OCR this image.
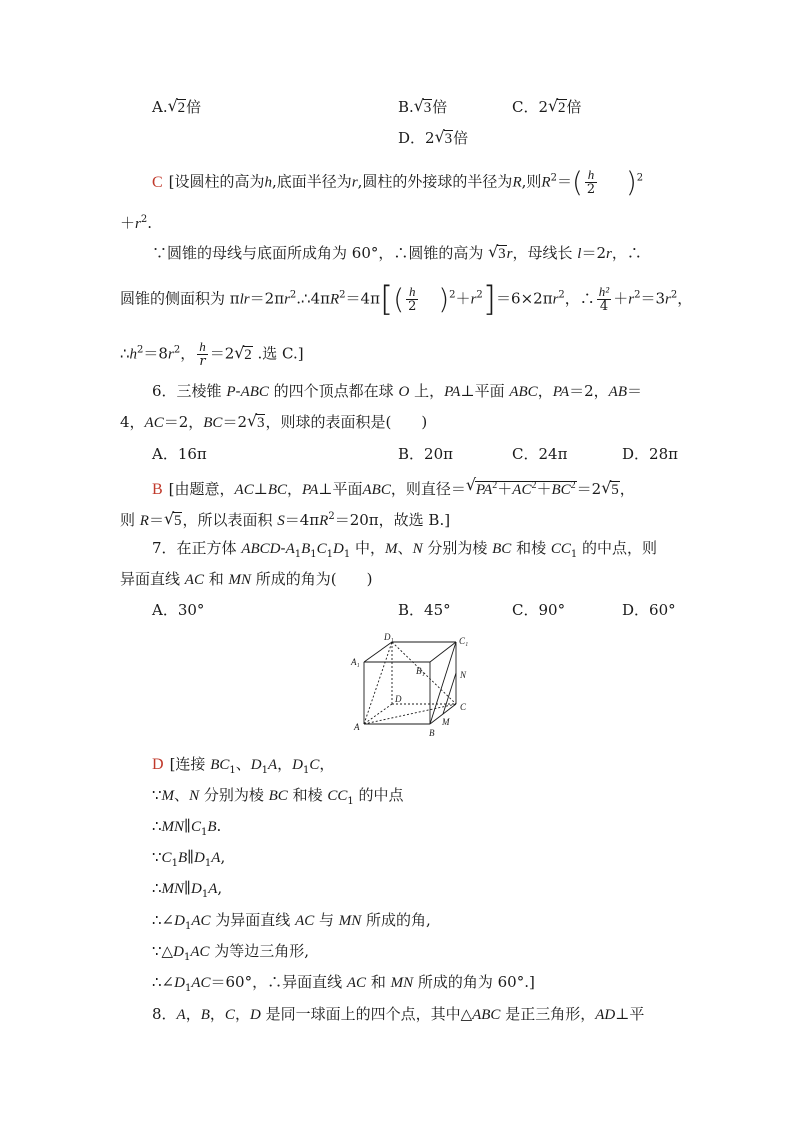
A.√ 2倍	B.√ 3倍	C．2√ 2倍
D．2√ 3倍
C [设圆柱的高为h,底面半径为r,圆柱的外接球的半径为R,则$R^2=( \frac{h}{2} )^2$
$+r^2$.
∵圆锥的母线与底面所成角为 60°，∴圆锥的高为 √ 3r，母线长 l＝2r，∴
圆锥的侧面积为 $\pi lr=2\pi r^2.\therefore 4\pi R^2=4\pi[( \frac{h}{2} )^2+r^2]=6\times 2\pi r^2$，∴ $\frac{\text{h²}}{4} +r^2=3r^2$，
$\therefore h^2=8r^2$， $\frac{h}{r} =2√$ 2 .选 C.]
6．三棱锥 P-ABC 的四个顶点都在球 O 上，PA⊥平面 ABC，PA＝2，AB＝
4，AC＝2，BC＝2√ 3，则球的表面积是(　　)
A．16π	B．20π	C．24π	D．28π
B [由题意，AC⊥BC，PA⊥平面ABC，则直径＝√ $PA^2+AC^2+BC^2=2√$ 5，
则 R＝√ 5，所以表面积 $S=4\pi R^2=20\pi$，故选 B.]
7．在正方体 ABCD-$A_1B_1C_1D_1$ 中，M、N 分别为棱 BC 和棱 $CC_1$ 的中点，则
异面直线 AC 和 MN 所成的角为(　　)
A．30°	B．45°	C．90°	D．60°
D₁	C₁
A₁
B₁	N
D
C
A	M
B
D [连接 $BC_1$、$D_1A$，$D_1C$，
∵M、N 分别为棱 BC 和棱 $CC_1$ 的中点
$\therefore MN\parallel C_1B$.
$\because C_1B\parallel D_1A$,
$\therefore MN\parallel D_1A$,
$\therefore\angle D_1AC$ 为异面直线 AC 与 MN 所成的角,
$\because\triangle D_1AC$ 为等边三角形,
$\therefore\angle D_1AC=60^\circ$，∴异面直线 AC 和 MN 所成的角为 60°.]
8．A，B，C，D 是同一球面上的四个点，其中△ABC 是正三角形，AD⊥平
